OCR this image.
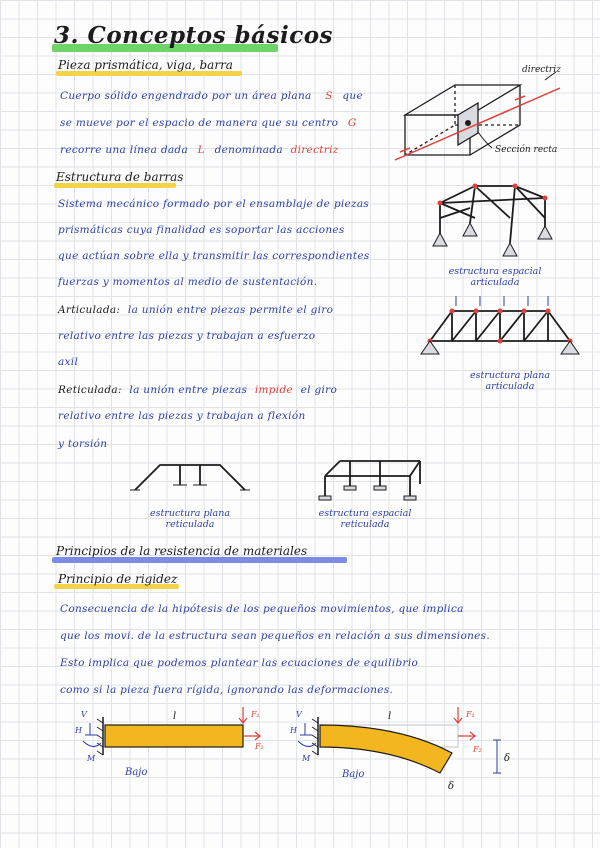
3. Conceptos básicos
Pieza prismática, viga, barra
Cuerpo sólido engendrado por un área plana S que
se mueve por el espacio de manera que su centro G
recorre una línea dada L denominada directriz
directriz
Sección recta
Estructura de barras
Sistema mecánico formado por el ensamblaje de piezas
prismáticas cuya finalidad es soportar las acciones
que actúan sobre ella y transmitir las correspondientes
fuerzas y momentos al medio de sustentación.
Articulada: la unión entre piezas permite el giro
relativo entre las piezas y trabajan a esfuerzo
axil
Reticulada: la unión entre piezas impide el giro
relativo entre las piezas y trabajan a flexión
y torsión
estructura espacial
articulada
estructura plana
articulada
estructura plana
reticulada
estructura espacial
reticulada
Principios de la resistencia de materiales
Principio de rigidez
Consecuencia de la hipótesis de los pequeños movimientos, que implica
que los movi. de la estructura sean pequeños en relación a sus dimensiones.
Esto implica que podemos plantear las ecuaciones de equilibrio
como si la pieza fuera rígida, ignorando las deformaciones.
V
H
M
l	F₁
F₂
Bajo
V
H
M
l	F₁
F₂
δ
δ
Bajo
